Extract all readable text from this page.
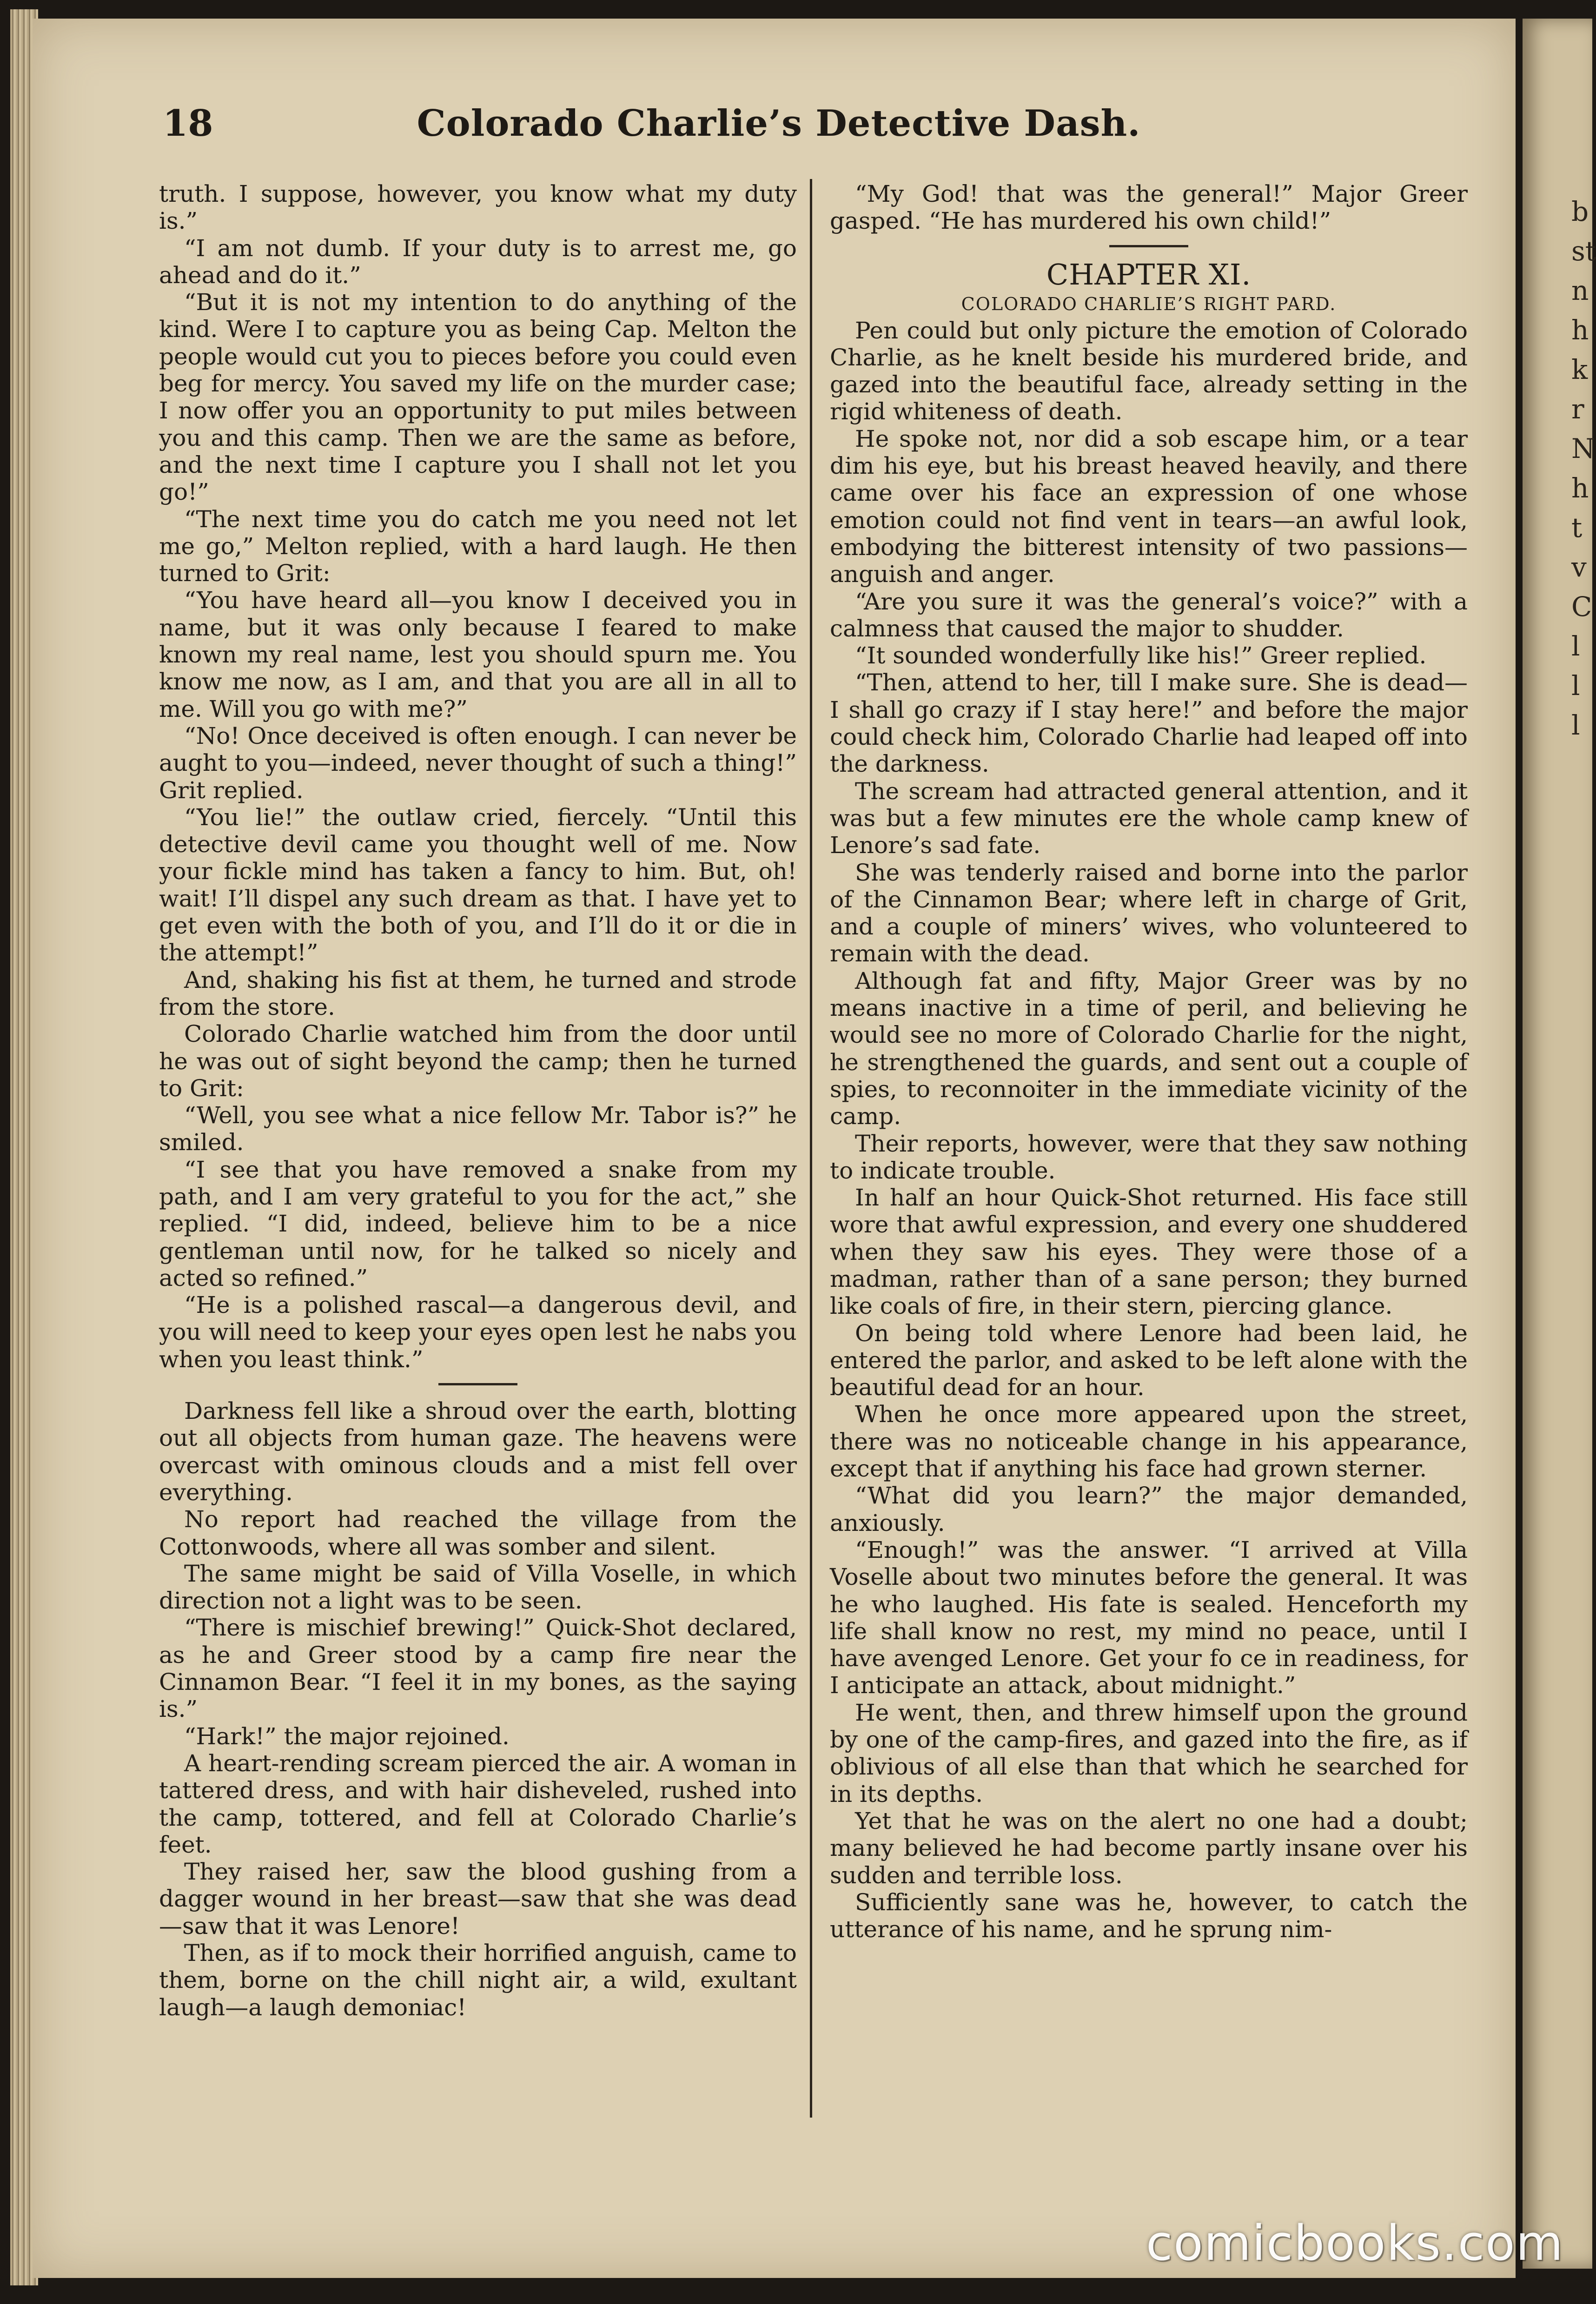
b
st
n
h
k
r
N
h
t
v
C
l
l
l
18	Colorado Charlie’s Detective Dash.

truth. I suppose, however, you know what my duty is.”

“I am not dumb. If your duty is to arrest me, go ahead and do it.”

“But it is not my intention to do anything of the kind. Were I to capture you as being Cap. Melton the people would cut you to pieces before you could even beg for mercy. You saved my life on the murder case; I now offer you an opportunity to put miles between you and this camp. Then we are the same as before, and the next time I capture you I shall not let you go!”

“The next time you do catch me you need not let me go,” Melton replied, with a hard laugh. He then turned to Grit:

“You have heard all—you know I deceived you in name, but it was only because I feared to make known my real name, lest you should spurn me. You know me now, as I am, and that you are all in all to me. Will you go with me?”

“No! Once deceived is often enough. I can never be aught to you—indeed, never thought of such a thing!” Grit replied.

“You lie!” the outlaw cried, fiercely. “Until this detective devil came you thought well of me. Now your fickle mind has taken a fancy to him. But, oh! wait! I’ll dispel any such dream as that. I have yet to get even with the both of you, and I’ll do it or die in the attempt!”

And, shaking his fist at them, he turned and strode from the store.

Colorado Charlie watched him from the door until he was out of sight beyond the camp; then he turned to Grit:

“Well, you see what a nice fellow Mr. Tabor is?” he smiled.

“I see that you have removed a snake from my path, and I am very grateful to you for the act,” she replied. “I did, indeed, believe him to be a nice gentleman until now, for he talked so nicely and acted so refined.”

“He is a polished rascal—a dangerous devil, and you will need to keep your eyes open lest he nabs you when you least think.”

Darkness fell like a shroud over the earth, blotting out all objects from human gaze. The heavens were overcast with ominous clouds and a mist fell over everything.

No report had reached the village from the Cottonwoods, where all was somber and silent.

The same might be said of Villa Voselle, in which direction not a light was to be seen.

“There is mischief brewing!” Quick-Shot declared, as he and Greer stood by a camp fire near the Cinnamon Bear. “I feel it in my bones, as the saying is.”

“Hark!” the major rejoined.

A heart-rending scream pierced the air. A woman in tattered dress, and with hair disheveled, rushed into the camp, tottered, and fell at Colorado Charlie’s feet.

They raised her, saw the blood gushing from a dagger wound in her breast—saw that she was dead—saw that it was Lenore!

Then, as if to mock their horrified anguish, came to them, borne on the chill night air, a wild, exultant laugh—a laugh demoniac!

“My God! that was the general!” Major Greer gasped. “He has murdered his own child!”

CHAPTER XI.
COLORADO CHARLIE’S RIGHT PARD.

Pen could but only picture the emotion of Colorado Charlie, as he knelt beside his murdered bride, and gazed into the beautiful face, already setting in the rigid whiteness of death.

He spoke not, nor did a sob escape him, or a tear dim his eye, but his breast heaved heavily, and there came over his face an expression of one whose emotion could not find vent in tears—an awful look, embodying the bitterest intensity of two passions—anguish and anger.

“Are you sure it was the general’s voice?” with a calmness that caused the major to shudder.

“It sounded wonderfully like his!” Greer replied.

“Then, attend to her, till I make sure. She is dead—I shall go crazy if I stay here!” and before the major could check him, Colorado Charlie had leaped off into the darkness.

The scream had attracted general attention, and it was but a few minutes ere the whole camp knew of Lenore’s sad fate.

She was tenderly raised and borne into the parlor of the Cinnamon Bear; where left in charge of Grit, and a couple of miners’ wives, who volunteered to remain with the dead.

Although fat and fifty, Major Greer was by no means inactive in a time of peril, and believing he would see no more of Colorado Charlie for the night, he strengthened the guards, and sent out a couple of spies, to reconnoiter in the immediate vicinity of the camp.

Their reports, however, were that they saw nothing to indicate trouble.

In half an hour Quick-Shot returned. His face still wore that awful expression, and every one shuddered when they saw his eyes. They were those of a madman, rather than of a sane person; they burned like coals of fire, in their stern, piercing glance.

On being told where Lenore had been laid, he entered the parlor, and asked to be left alone with the beautiful dead for an hour.

When he once more appeared upon the street, there was no noticeable change in his appearance, except that if anything his face had grown sterner.

“What did you learn?” the major demanded, anxiously.

“Enough!” was the answer. “I arrived at Villa Voselle about two minutes before the general. It was he who laughed. His fate is sealed. Henceforth my life shall know no rest, my mind no peace, until I have avenged Lenore. Get your fo ce in readiness, for I anticipate an attack, about midnight.”

He went, then, and threw himself upon the ground by one of the camp-fires, and gazed into the fire, as if oblivious of all else than that which he searched for in its depths.

Yet that he was on the alert no one had a doubt; many believed he had become partly insane over his sudden and terrible loss.

Sufficiently sane was he, however, to catch the utterance of his name, and he sprung nim-

comicbooks.com
